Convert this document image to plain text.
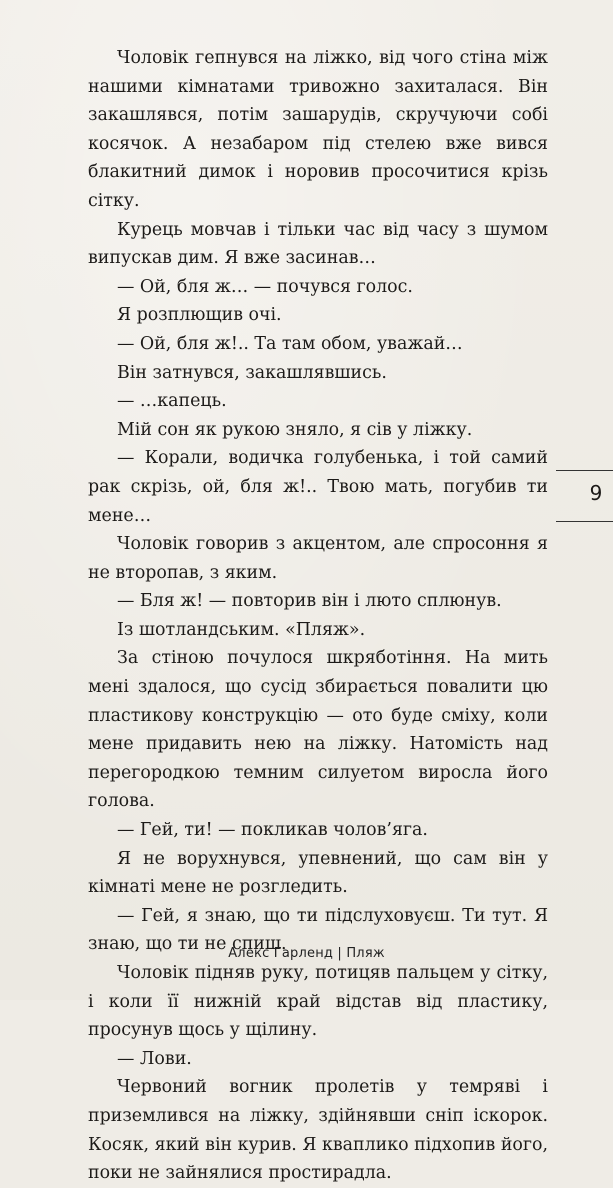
Чоловік гепнувся на ліжко, від чого стіна між нашими кімнатами тривожно захиталася. Він закашлявся, потім зашарудів, скручуючи собі косячок. А незабаром під стелею вже вився блакитний димок і норовив просочитися крізь сітку.

Курець мовчав і тільки час від часу з шумом випускав дим. Я вже засинав…

— Ой, бля ж… — почувся голос.

Я розплющив очі.

— Ой, бля ж!.. Та там обом, уважай…

Він затнувся, закашлявшись.

— …капець.

Мій сон як рукою зняло, я сів у ліжку.

— Корали, водичка голубенька, і той самий рак скрізь, ой, бля ж!.. Твою мать, погубив ти мене…

Чоловік говорив з акцентом, але спросоння я не второпав, з яким.

— Бля ж! — повторив він і люто сплюнув.

Із шотландським. «Пляж».

За стіною почулося шкряботіння. На мить мені здалося, що сусід збирається повалити цю пластикову конструкцію — ото буде сміху, коли мене придавить нею на ліжку. Натомість над перегородкою темним силуетом виросла його голова.

— Гей, ти! — покликав чолов’яга.

Я не ворухнувся, упевнений, що сам він у кімнаті мене не розгледить.

— Гей, я знаю, що ти підслуховуєш. Ти тут. Я знаю, що ти не спиш.

Чоловік підняв руку, потицяв пальцем у сітку, і коли її нижній край відстав від пластику, просунув щось у щілину.

— Лови.

Червоний вогник пролетів у темряві і приземлився на ліжку, здійнявши сніп іскорок. Косяк, який він курив. Я кваплико підхопив його, поки не зайнялися простирадла.

9
Алекс Гарленд | Пляж
